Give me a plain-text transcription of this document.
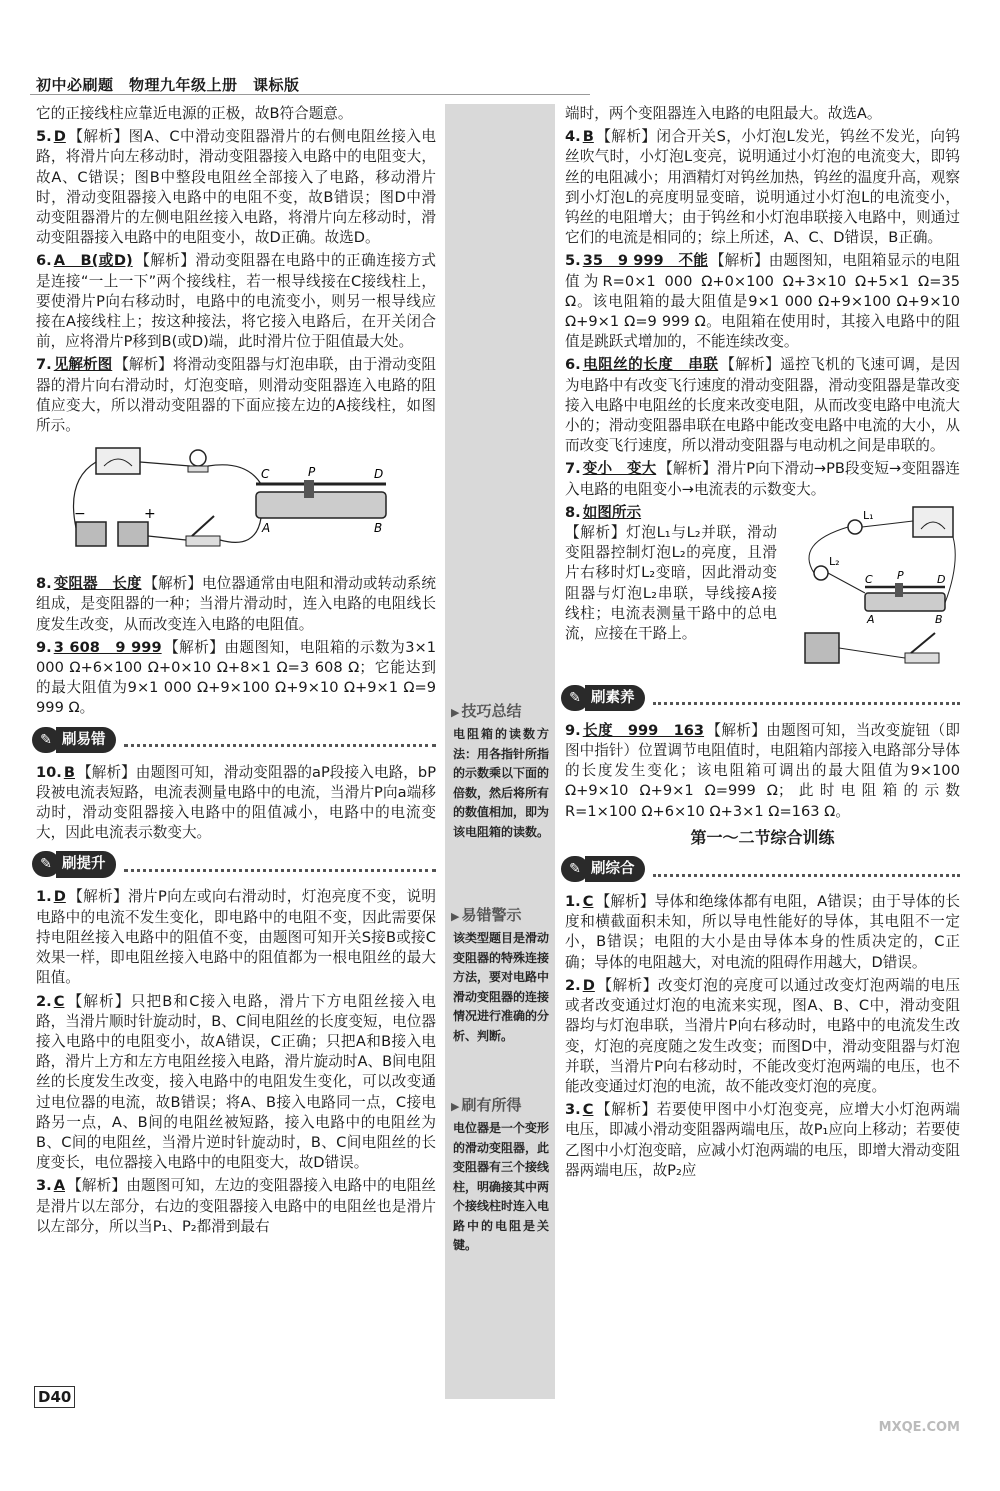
初中必刷题　物理九年级上册　课标版
它的正接线柱应靠近电源的正极，故B符合题意。
5. D 【解析】图A、C中滑动变阻器滑片的右侧电阻丝接入电路，将滑片向左移动时，滑动变阻器接入电路中的电阻变大，故A、C错误；图B中整段电阻丝全部接入了电路，移动滑片时，滑动变阻器接入电路中的电阻不变，故B错误；图D中滑动变阻器滑片的左侧电阻丝接入电路，将滑片向左移动时，滑动变阻器接入电路中的电阻变小，故D正确。故选D。
6. A　B(或D) 【解析】滑动变阻器在电路中的正确连接方式是连接“一上一下”两个接线柱，若一根导线接在C接线柱上，要使滑片P向右移动时，电路中的电流变小，则另一根导线应接在A接线柱上；按这种接法，将它接入电路后，在开关闭合前，应将滑片P移到B(或D)端，此时滑片位于阻值最大处。
7. 见解析图 【解析】将滑动变阻器与灯泡串联，由于滑动变阻器的滑片向右滑动时，灯泡变暗，则滑动变阻器连入电路的阻值应变大，所以滑动变阻器的下面应接左边的A接线柱，如图所示。
C	P	D
A	B
−	+
8. 变阻器　长度 【解析】电位器通常由电阻和滑动或转动系统组成，是变阻器的一种；当滑片滑动时，连入电路的电阻线长度发生改变，从而改变连入电路的电阻值。
9. 3 608　9 999 【解析】由题图知，电阻箱的示数为3×1 000 Ω+6×100 Ω+0×10 Ω+8×1 Ω=3 608 Ω；它能达到的最大阻值为9×1 000 Ω+9×100 Ω+9×10 Ω+9×1 Ω=9 999 Ω。
✎ 刷易错
10. B 【解析】由题图可知，滑动变阻器的aP段接入电路，bP段被电流表短路，电流表测量电路中的电流，当滑片P向a端移动时，滑动变阻器接入电路中的阻值减小，电路中的电流变大，因此电流表示数变大。
✎ 刷提升
1. D 【解析】滑片P向左或向右滑动时，灯泡亮度不变，说明电路中的电流不发生变化，即电路中的电阻不变，因此需要保持电阻丝接入电路中的阻值不变，由题图可知开关S接B或接C效果一样，即电阻丝接入电路中的阻值都为一根电阻丝的最大阻值。
2. C 【解析】只把B和C接入电路，滑片下方电阻丝接入电路，当滑片顺时针旋动时，B、C间电阻丝的长度变短，电位器接入电路中的电阻变小，故A错误，C正确；只把A和B接入电路，滑片上方和左方电阻丝接入电路，滑片旋动时A、B间电阻丝的长度发生改变，接入电路中的电阻发生变化，可以改变通过电位器的电流，故B错误；将A、B接入电路同一点，C接电路另一点，A、B间的电阻丝被短路，接入电路中的电阻丝为B、C间的电阻丝，当滑片逆时针旋动时，B、C间电阻丝的长度变长，电位器接入电路中的电阻变大，故D错误。
3. A 【解析】由题图可知，左边的变阻器接入电路中的电阻丝是滑片以左部分，右边的变阻器接入电路中的电阻丝也是滑片以左部分，所以当P₁、P₂都滑到最右
▶ 技巧总结
电阻箱的读数方法：用各指针所指的示数乘以下面的倍数，然后将所有的数值相加，即为该电阻箱的读数。
▶ 易错警示
该类型题目是滑动变阻器的特殊连接方法，要对电路中滑动变阻器的连接情况进行准确的分析、判断。
▶ 刷有所得
电位器是一个变形的滑动变阻器，此变阻器有三个接线柱，明确接其中两个接线柱时连入电路中的电阻是关键。
端时，两个变阻器连入电路的电阻最大。故选A。
4. B 【解析】闭合开关S，小灯泡L发光，钨丝不发光，向钨丝吹气时，小灯泡L变亮，说明通过小灯泡的电流变大，即钨丝的电阻减小；用酒精灯对钨丝加热，钨丝的温度升高，观察到小灯泡L的亮度明显变暗，说明通过小灯泡L的电流变小，钨丝的电阻增大；由于钨丝和小灯泡串联接入电路中，则通过它们的电流是相同的；综上所述，A、C、D错误，B正确。
5. 35　9 999　不能 【解析】由题图知，电阻箱显示的电阻值为R=0×1 000 Ω+0×100 Ω+3×10 Ω+5×1 Ω=35 Ω。该电阻箱的最大阻值是9×1 000 Ω+9×100 Ω+9×10 Ω+9×1 Ω=9 999 Ω。电阻箱在使用时，其接入电路中的阻值是跳跃式增加的，不能连续改变。
6. 电阻丝的长度　串联 【解析】遥控飞机的飞速可调，是因为电路中有改变飞行速度的滑动变阻器，滑动变阻器是靠改变接入电路中电阻丝的长度来改变电阻，从而改变电路中电流大小的；滑动变阻器串联在电路中能改变电路中电流的大小，从而改变飞行速度，所以滑动变阻器与电动机之间是串联的。
7. 变小　变大 【解析】滑片P向下滑动→PB段变短→变阻器连入电路的电阻变小→电流表的示数变大。
L₁
L₂
C P	D
A	B
8. 如图所示
【解析】灯泡L₁与L₂并联，滑动变阻器控制灯泡L₂的亮度，且滑片右移时灯L₂变暗，因此滑动变阻器与灯泡L₂串联，导线接A接线柱；电流表测量干路中的总电流，应接在干路上。
✎ 刷素养
9. 长度　999　163 【解析】由题图可知，当改变旋钮（即图中指针）位置调节电阻值时，电阻箱内部接入电路部分导体的长度发生变化；该电阻箱可调出的最大阻值为9×100 Ω+9×10 Ω+9×1 Ω=999 Ω；此时电阻箱的示数R=1×100 Ω+6×10 Ω+3×1 Ω=163 Ω。
第一～二节综合训练
✎ 刷综合
1. C 【解析】导体和绝缘体都有电阻，A错误；由于导体的长度和横截面积未知，所以导电性能好的导体，其电阻不一定小，B错误；电阻的大小是由导体本身的性质决定的，C正确；导体的电阻越大，对电流的阻碍作用越大，D错误。
2. D 【解析】改变灯泡的亮度可以通过改变灯泡两端的电压或者改变通过灯泡的电流来实现，图A、B、C中，滑动变阻器均与灯泡串联，当滑片P向右移动时，电路中的电流发生改变，灯泡的亮度随之发生改变；而图D中，滑动变阻器与灯泡并联，当滑片P向右移动时，不能改变灯泡两端的电压，也不能改变通过灯泡的电流，故不能改变灯泡的亮度。
3. C 【解析】若要使甲图中小灯泡变亮，应增大小灯泡两端电压，即减小滑动变阻器两端电压，故P₁应向上移动；若要使乙图中小灯泡变暗，应减小灯泡两端的电压，即增大滑动变阻器两端电压，故P₂应
D40
MXQE.COM
